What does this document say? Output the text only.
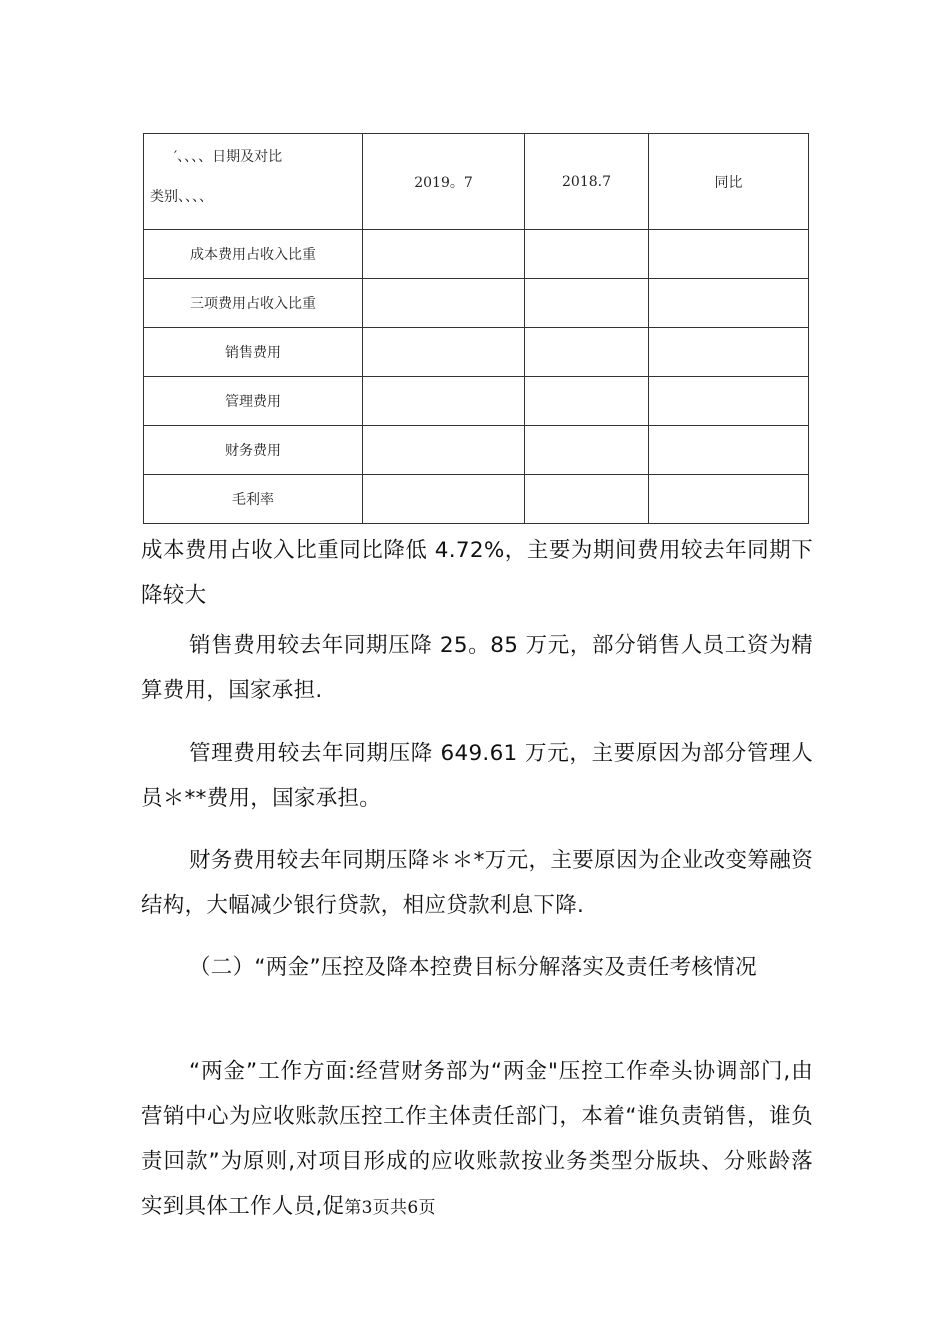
′、、、、日期及对比
类别、、、、	2019。7	2018.7	同比
成本费用占收入比重			
三项费用占收入比重			
销售费用			
管理费用			
财务费用			
毛利率			

成本费用占收入比重同比降低 4.72%，主要为期间费用较去年同期下降较大

销售费用较去年同期压降 25。85 万元，部分销售人员工资为精算费用，国家承担.

管理费用较去年同期压降 649.61 万元，主要原因为部分管理人员＊**费用，国家承担。

财务费用较去年同期压降＊＊*万元，主要原因为企业改变筹融资结构，大幅减少银行贷款，相应贷款利息下降.

（二）“两金”压控及降本控费目标分解落实及责任考核情况

“两金”工作方面:经营财务部为“两金"压控工作牵头协调部门,由营销中心为应收账款压控工作主体责任部门，本着“谁负责销售，谁负责回款”为原则,对项目形成的应收账款按业务类型分版块、分账龄落实到具体工作人员,促第3页共6页
